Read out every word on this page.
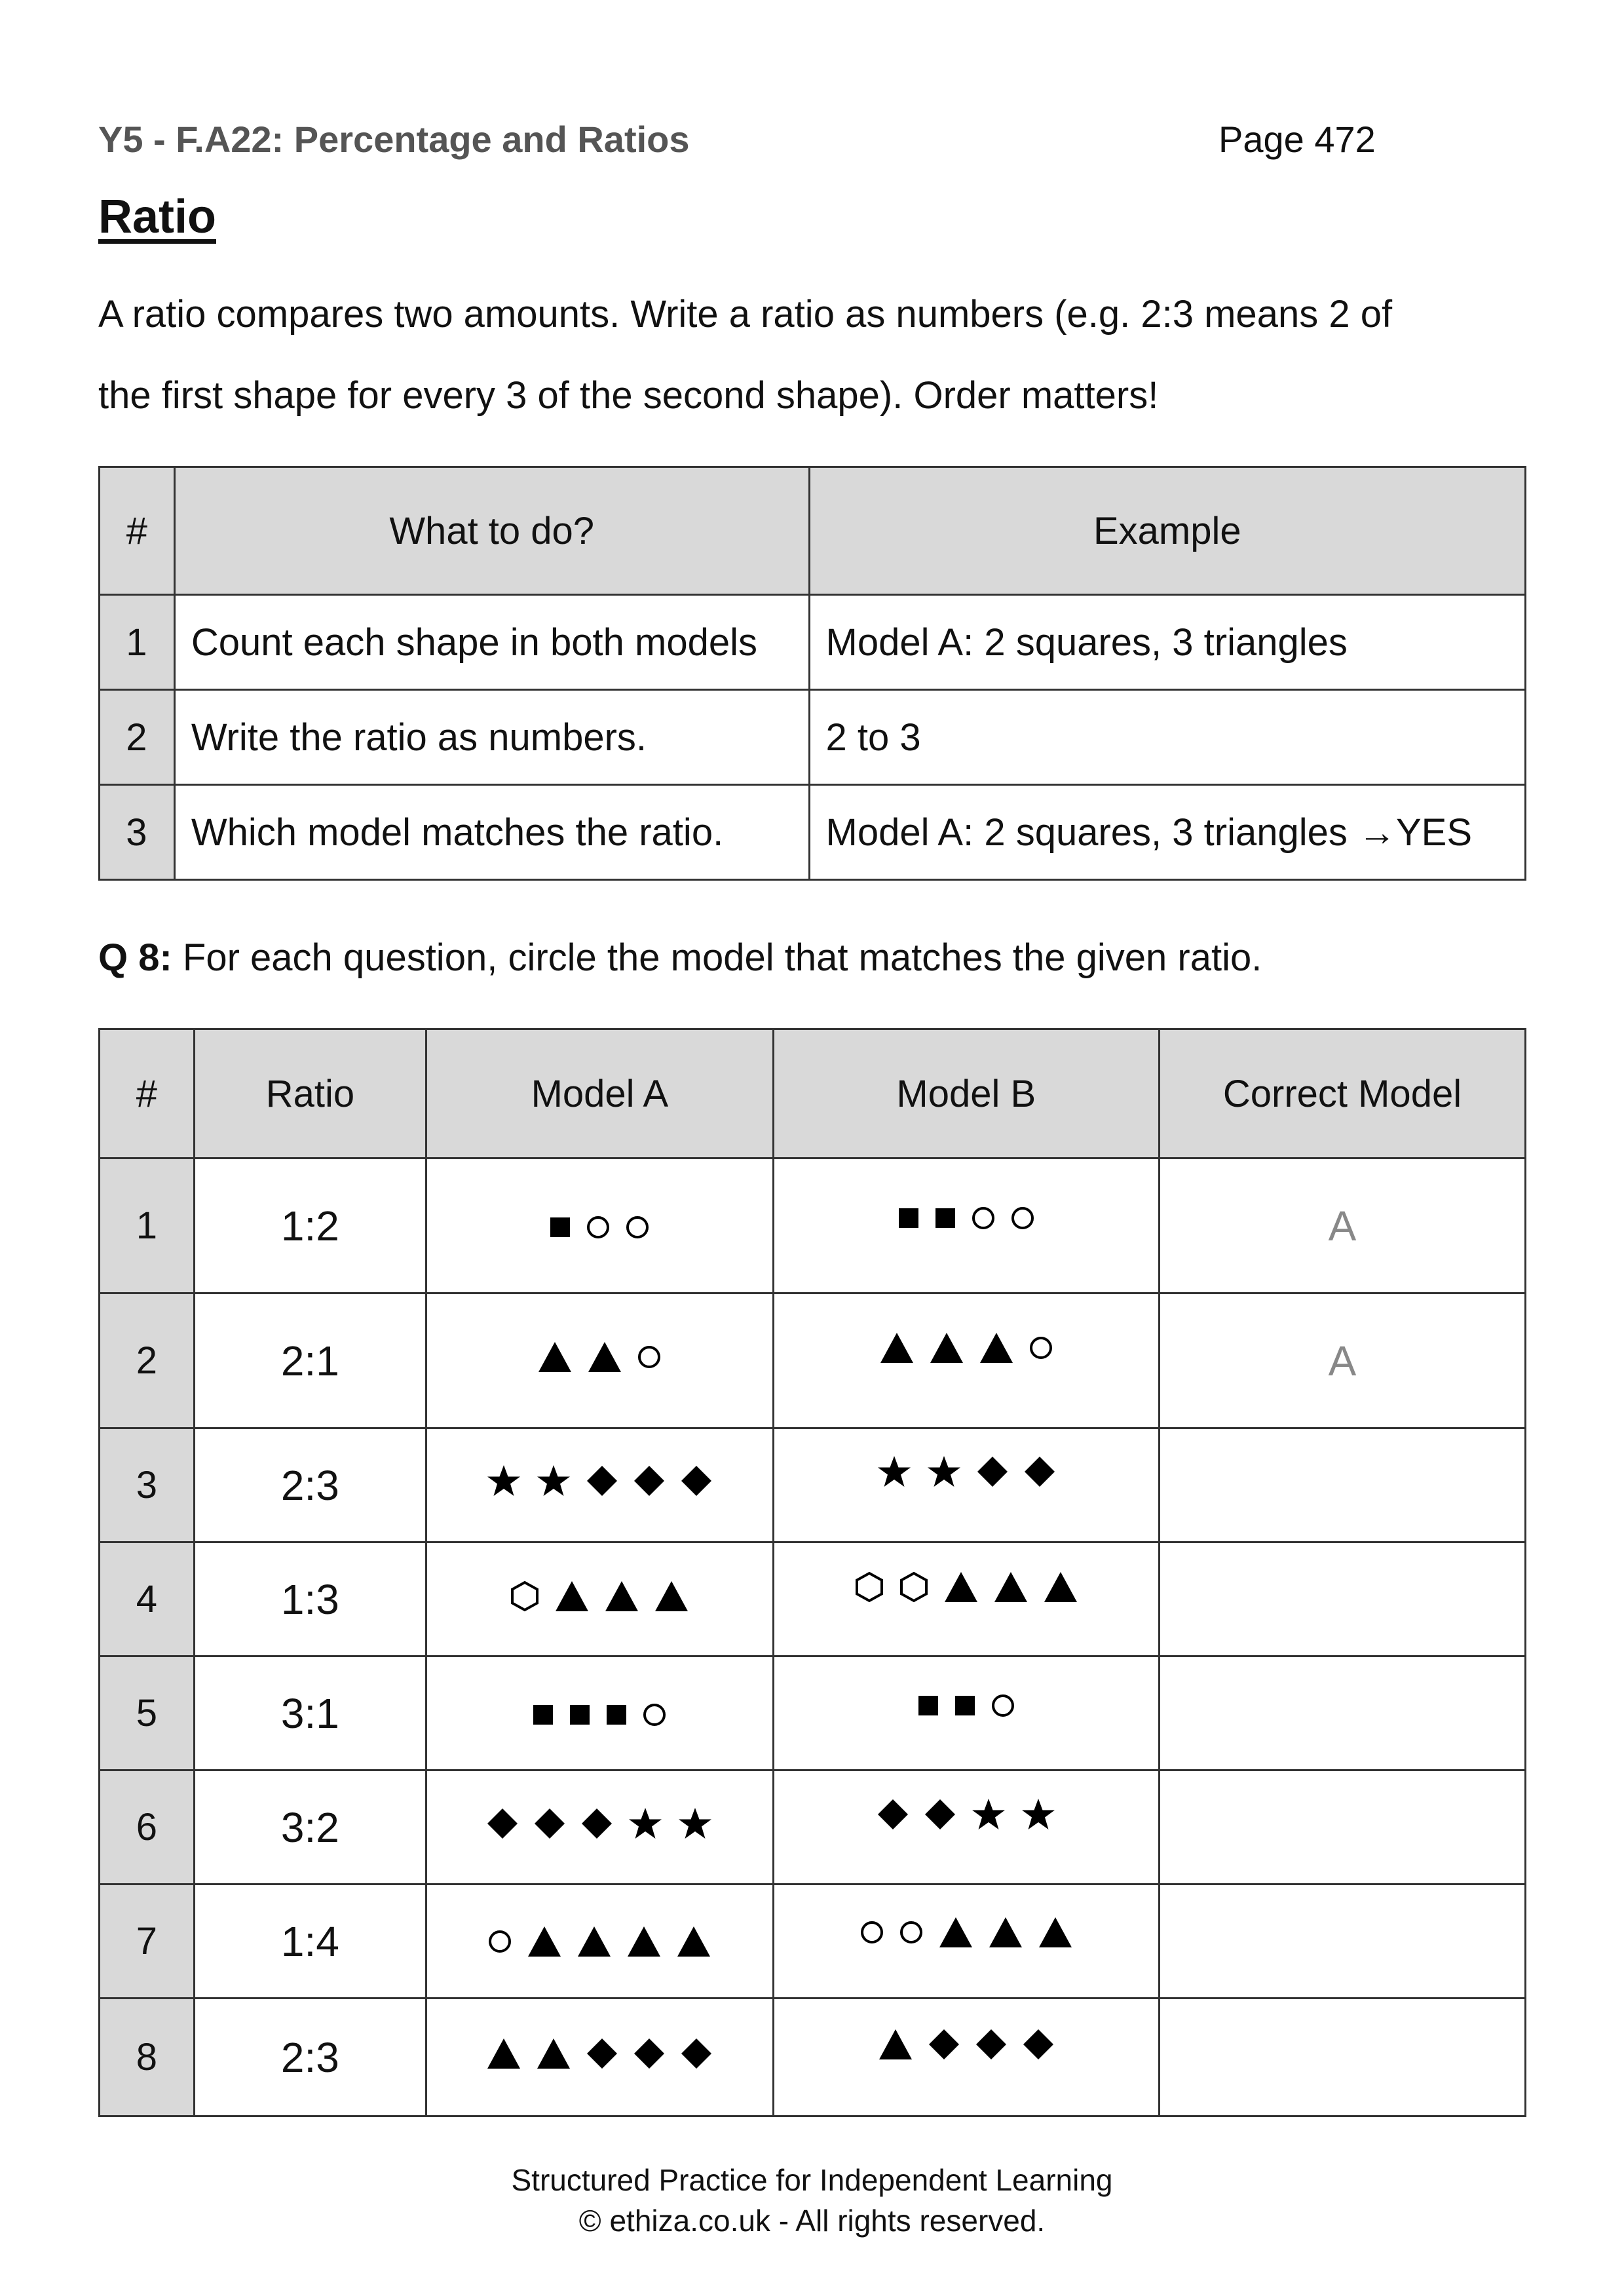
Y5 - F.A22: Percentage and Ratios	Page 472
Ratio

A ratio compares two amounts. Write a ratio as numbers (e.g. 2:3 means 2 of

the first shape for every 3 of the second shape). Order matters!

#	What to do?	Example
1	Count each shape in both models	Model A: 2 squares, 3 triangles
2	Write the ratio as numbers.	2 to 3
3	Which model matches the ratio.	Model A: 2 squares, 3 triangles →YES
Q 8: For each question, circle the model that matches the given ratio.
#	Ratio	Model A	Model B	Correct Model
1	1:2			A
2	2:1			A
3	2:3	

4	1:3	

5	3:1	

6	3:2	

7	1:4	

8	2:3	

Structured Practice for Independent Learning
© ethiza.co.uk - All rights reserved.
